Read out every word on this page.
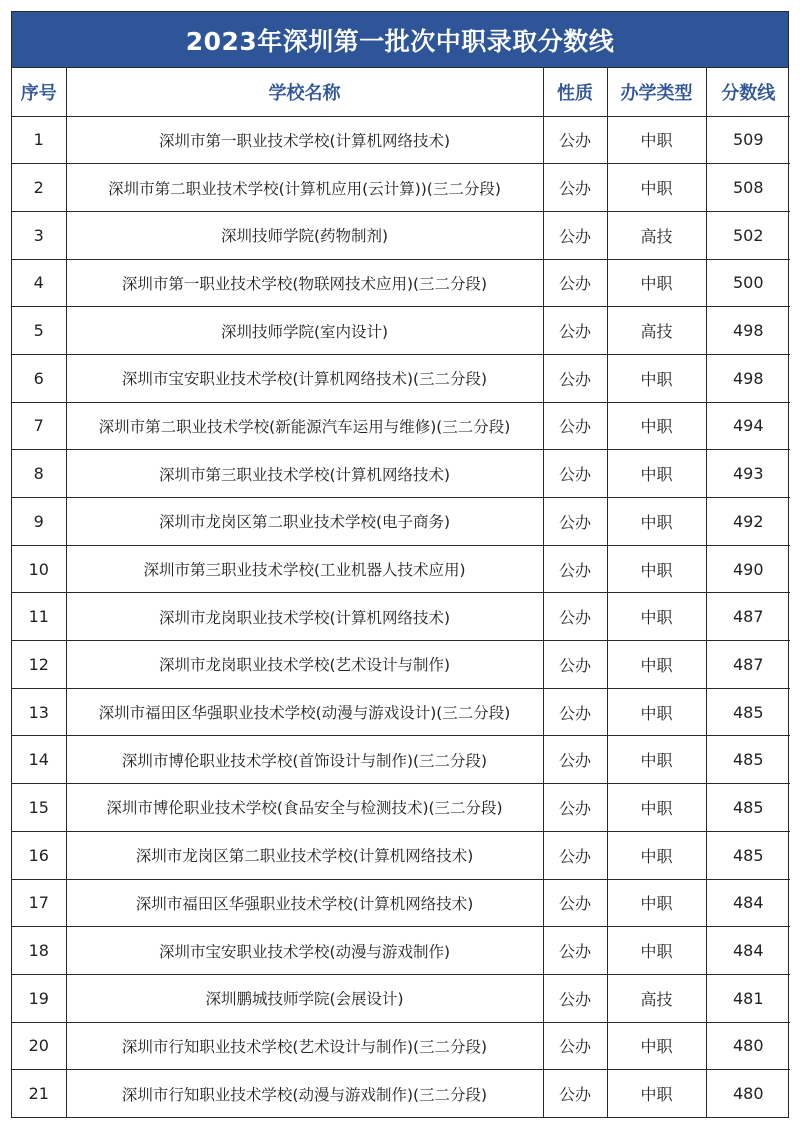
2023年深圳第一批次中职录取分数线
序号	学校名称	性质	办学类型	分数线
1	深圳市第一职业技术学校(计算机网络技术)	公办	中职	509
2	深圳市第二职业技术学校(计算机应用(云计算))(三二分段)	公办	中职	508
3	深圳技师学院(药物制剂)	公办	高技	502
4	深圳市第一职业技术学校(物联网技术应用)(三二分段)	公办	中职	500
5	深圳技师学院(室内设计)	公办	高技	498
6	深圳市宝安职业技术学校(计算机网络技术)(三二分段)	公办	中职	498
7	深圳市第二职业技术学校(新能源汽车运用与维修)(三二分段)	公办	中职	494
8	深圳市第三职业技术学校(计算机网络技术)	公办	中职	493
9	深圳市龙岗区第二职业技术学校(电子商务)	公办	中职	492
10	深圳市第三职业技术学校(工业机器人技术应用)	公办	中职	490
11	深圳市龙岗职业技术学校(计算机网络技术)	公办	中职	487
12	深圳市龙岗职业技术学校(艺术设计与制作)	公办	中职	487
13	深圳市福田区华强职业技术学校(动漫与游戏设计)(三二分段)	公办	中职	485
14	深圳市博伦职业技术学校(首饰设计与制作)(三二分段)	公办	中职	485
15	深圳市博伦职业技术学校(食品安全与检测技术)(三二分段)	公办	中职	485
16	深圳市龙岗区第二职业技术学校(计算机网络技术)	公办	中职	485
17	深圳市福田区华强职业技术学校(计算机网络技术)	公办	中职	484
18	深圳市宝安职业技术学校(动漫与游戏制作)	公办	中职	484
19	深圳鹏城技师学院(会展设计)	公办	高技	481
20	深圳市行知职业技术学校(艺术设计与制作)(三二分段)	公办	中职	480
21	深圳市行知职业技术学校(动漫与游戏制作)(三二分段)	公办	中职	480
